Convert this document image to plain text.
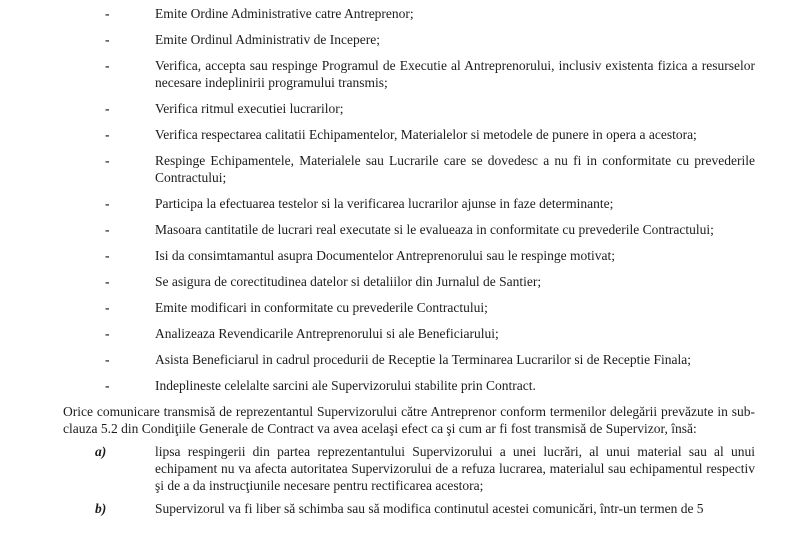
-	Emite Ordine Administrative catre Antreprenor;
-	Emite Ordinul Administrativ de Incepere;
-	Verifica, accepta sau respinge Programul de Executie al Antreprenorului, inclusiv existenta fizica a resurselor necesare indeplinirii programului transmis;
-	Verifica ritmul executiei lucrarilor;
-	Verifica respectarea calitatii Echipamentelor, Materialelor si metodele de punere in opera a acestora;
-	Respinge Echipamentele, Materialele sau Lucrarile care se dovedesc a nu fi in conformitate cu prevederile Contractului;
-	Participa la efectuarea testelor si la verificarea lucrarilor ajunse in faze determinante;
-	Masoara cantitatile de lucrari real executate si le evalueaza in conformitate cu prevederile Contractului;
-	Isi da consimtamantul asupra Documentelor Antreprenorului sau le respinge motivat;
-	Se asigura de corectitudinea datelor si detaliilor din Jurnalul de Santier;
-	Emite modificari in conformitate cu prevederile Contractului;
-	Analizeaza Revendicarile Antreprenorului si ale Beneficiarului;
-	Asista Beneficiarul in cadrul procedurii de Receptie la Terminarea Lucrarilor si de Receptie Finala;
-	Indeplineste celelalte sarcini ale Supervizorului stabilite prin Contract.
Orice comunicare transmisă de reprezentantul Supervizorului către Antreprenor conform termenilor delegării prevăzute in sub-clauza 5.2 din Condiţiile Generale de Contract va avea acelaşi efect ca şi cum ar fi fost transmisă de Supervizor, însă:
a)	lipsa respingerii din partea reprezentantului Supervizorului a unei lucrări, al unui material sau al unui echipament nu va afecta autoritatea Supervizorului de a refuza lucrarea, materialul sau echipamentul respectiv şi de a da instrucţiunile necesare pentru rectificarea acestora;
b)	Supervizorul va fi liber să schimba sau să modifica continutul acestei comunicări, într-un termen de 5
